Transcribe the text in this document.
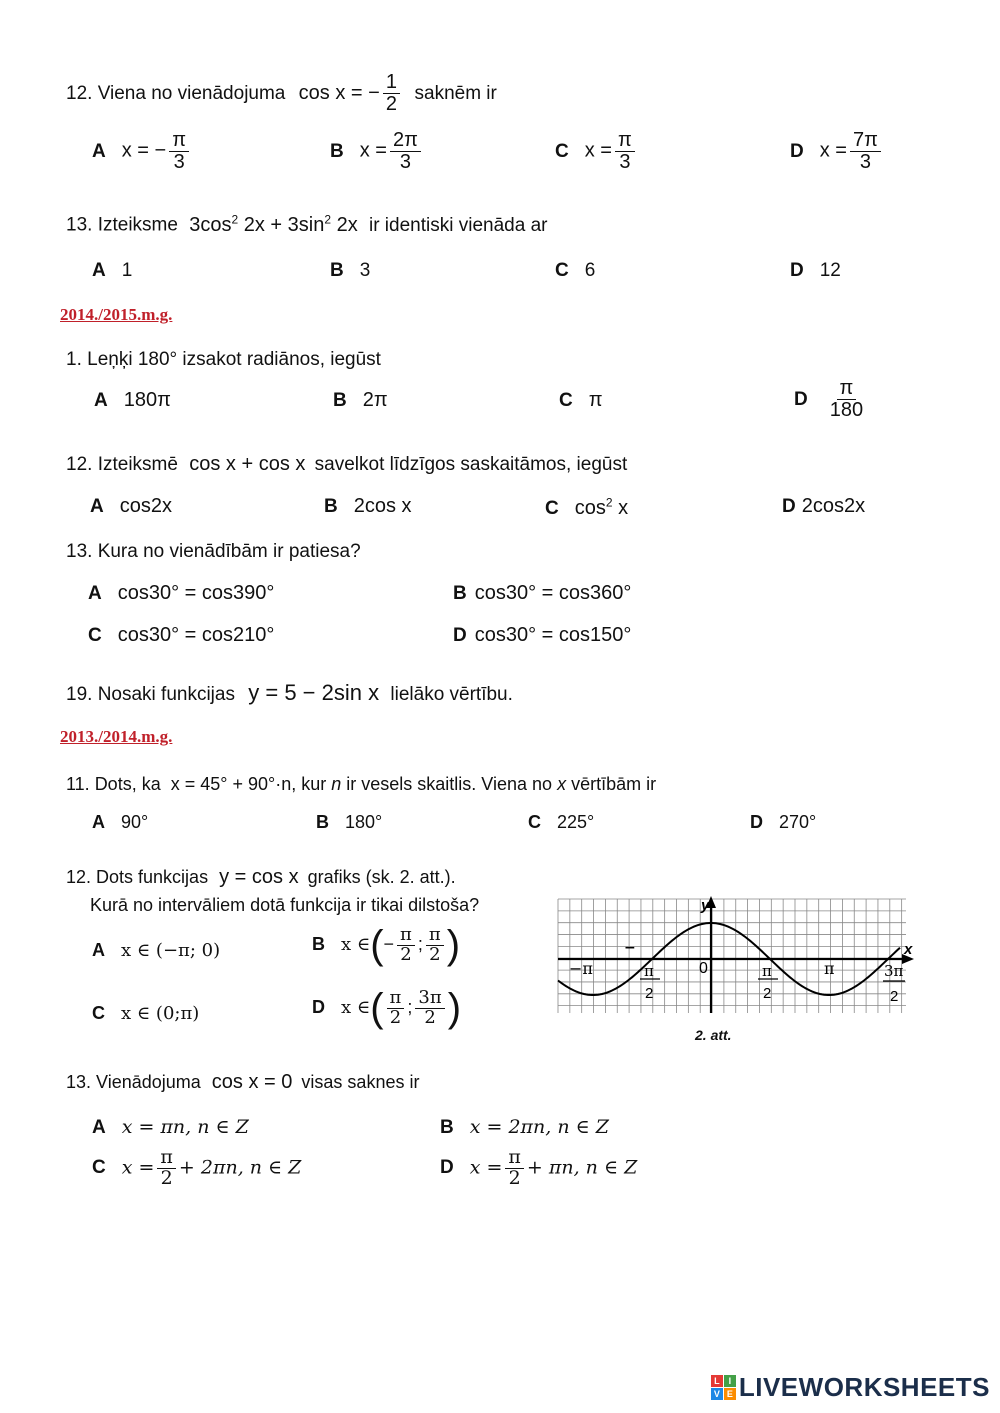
12. Viena no vienādojuma cos x = − $\frac{1}{2}$ saknēm ir
A x = − $\frac{\pi}{3}$	B $x = \frac{2\pi}{3}$	C $x = \frac{\pi}{3}$	D $x = \frac{7\pi}{3}$
13. Izteiksme $3\cos^2$ $2x + 3\sin^2$ 2x ir identiski vienāda ar
A 1	B 3	C 6	D 12
2014./2015.m.g.
1. Leņķi 180° izsakot radiānos, iegūst
A 180π	B 2π	C π	D $\frac{\pi}{180}$
12. Izteiksmē cos x + cos x savelkot līdzīgos saskaitāmos, iegūst
A cos2x	B 2cos x	C $\cos^2 x$	D 2cos2x
13. Kura no vienādībām ir patiesa?
A cos30° = cos390°	B cos30° = cos360°
C cos30° = cos210°	D cos30° = cos150°
19. Nosaki funkcijas y = 5 − 2sin x lielāko vērtību.
2013./2014.m.g.
11. Dots, ka x = 45° + 90°·n, kur n ir vesels skaitlis. Viena no x vērtībām ir
A 90°	B 180°	C 225°	D 270°
12. Dots funkcijas y = cos x grafiks (sk. 2. att.).
Kurā no intervāliem dotā funkcija ir tikai dilstoša?
A x ∈ (−π; 0)	B x ∈(− $\frac{\pi}{2}$ ; $\frac{\pi}{2}$ )
C x ∈ (0;π)	D x ∈( $\frac{\pi}{2}$ ; $\frac{3\pi}{2}$ )
y
x
0
−π
−
π
2
π
2
π	3π
2
2. att.
13. Vienādojuma cos x = 0 visas saknes ir
A x = πn, n ∈ Z	B x = 2πn, n ∈ Z
C $x = \frac{\pi}{2} + 2\pi n$, n ∈ Z	D $x = \frac{\pi}{2} + \pi n$, n ∈ Z
L I
V E LIVEWORKSHEETS
